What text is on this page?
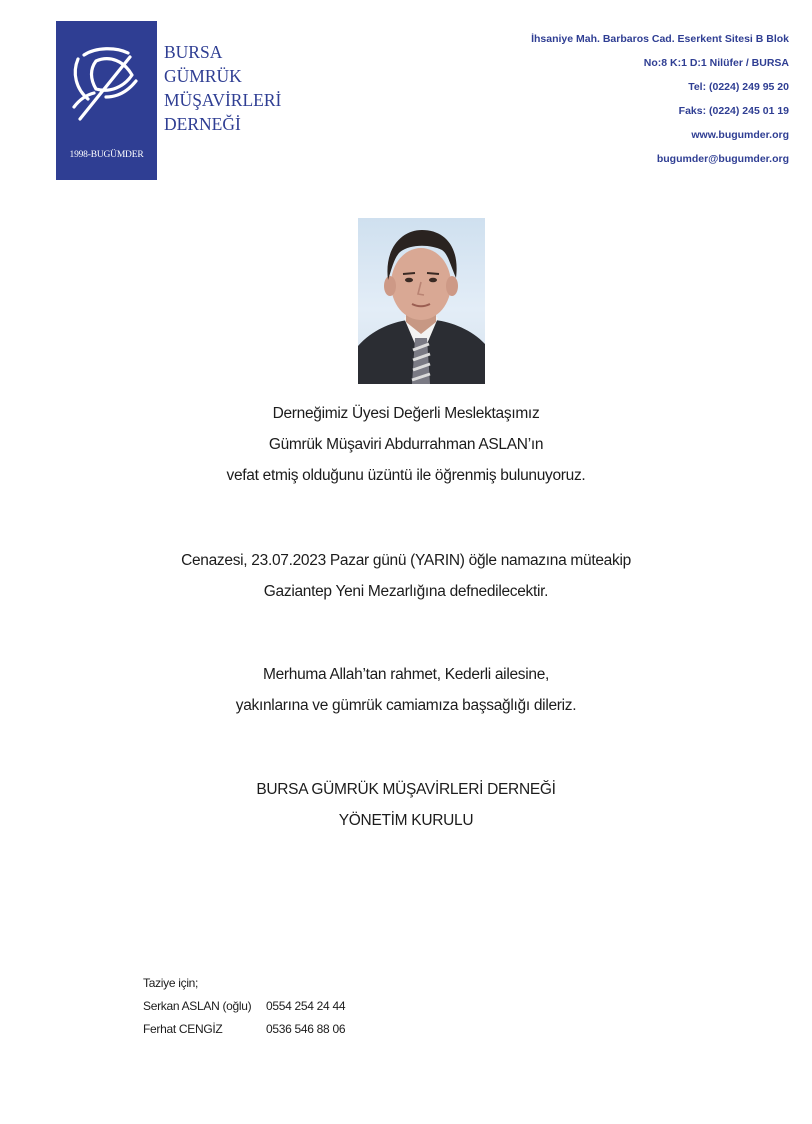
1998-BUGÜMDER
BURSA
GÜMRÜK
MÜŞAVİRLERİ
DERNEĞİ
İhsaniye Mah. Barbaros Cad. Eserkent Sitesi B Blok
No:8 K:1 D:1 Nilüfer / BURSA
Tel: (0224) 249 95 20
Faks: (0224) 245 01 19
www.bugumder.org
bugumder@bugumder.org
Derneğimiz Üyesi Değerli Meslektaşımız
Gümrük Müşaviri Abdurrahman ASLAN’ın
vefat etmiş olduğunu üzüntü ile öğrenmiş bulunuyoruz.
Cenazesi, 23.07.2023 Pazar günü (YARIN) öğle namazına müteakip
Gaziantep Yeni Mezarlığına defnedilecektir.
Merhuma Allah’tan rahmet, Kederli ailesine,
yakınlarına ve gümrük camiamıza başsağlığı dileriz.
BURSA GÜMRÜK MÜŞAVİRLERİ DERNEĞİ
YÖNETİM KURULU
Taziye için;
Serkan ASLAN (oğlu)	0554 254 24 44
Ferhat CENGİZ	0536 546 88 06
